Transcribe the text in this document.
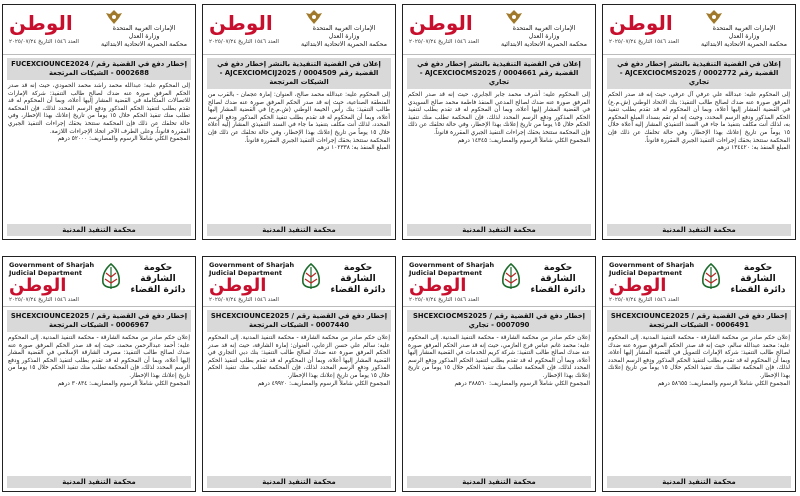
الإمارات العربية المتحدة
وزارة العدل
محكمة الحمرية الاتحادية الابتدائية
الوطن
العدد ١٥٤٦ التاريخ ٢٠٢٥/٠٧/٢٤
إعلان في القضية التنفيذية بالنشر إخطار دفع في القضية رقم AJCEXCIOCMS2025 / 0002772 - تجاري
إلى المحكوم عليه: عبدالله علي عرفي آل عرفي، حيث إنه قد صدر الحكم المرفق صورة عنه ضدك لصالح طالب التنفيذ: بنك الاتحاد الوطني (ش.م.ع) في القضية المشار إليها أعلاه، وبما أن المحكوم له قد تقدم بطلب تنفيذ الحكم المذكور ودفع الرسم المحدد، وحيث إنه لم تقم بسداد المبلغ المحكوم به، لذلك أنت مكلف بتنفيذ ما جاء في السند التنفيذي المشار إليه أعلاه خلال ١٥ يوماً من تاريخ إعلانك بهذا الإخطار، وفي حالة تخلفك عن ذلك فإن المحكمة ستتخذ بحقك إجراءات التنفيذ الجبري المقررة قانوناً.
المبلغ المنفذ به: ١٣٤٤٢٠ درهم
محكمة التنفيذ المدنية
الإمارات العربية المتحدة
وزارة العدل
محكمة الحمرية الاتحادية الابتدائية
الوطن
العدد ١٥٤٦ التاريخ ٢٠٢٥/٠٧/٢٤
إعلان في القضية التنفيذية بالنشر إخطار دفع في القضية رقم AJCEXCIOCMS2025 / 0004661 - تجاري
إلى المحكوم عليه: أشرف محمد جابر الجابري، حيث إنه قد صدر الحكم المرفق صورة عنه ضدك لصالح المدعي المنفذ فاطمة محمد صالح السويدي في القضية المشار إليها أعلاه، وبما أن المحكوم له قد تقدم بطلب لتنفيذ الحكم المذكور ودفع الرسم المحدد لذلك، فإن المحكمة تطلب منك تنفيذ الحكم خلال ١٥ يوماً من تاريخ إعلانك بهذا الإخطار، وفي حالة تخلفك عن ذلك فإن المحكمة ستتخذ بحقك إجراءات التنفيذ الجبري المقررة قانوناً.
المجموع الكلي شاملاً الرسوم والمصاريف: ١٤٣٤٥ درهم
محكمة التنفيذ المدنية
الإمارات العربية المتحدة
وزارة العدل
محكمة الحمرية الاتحادية الابتدائية
الوطن
العدد ١٥٤٦ التاريخ ٢٠٢٥/٠٧/٢٤
إعلان في القضية التنفيذية بالنشر إخطار دفع في القضية رقم AJCEXCIOMCIJ2025 / 0004509 - الشيكات المرتجعة
إلى المحكوم عليه: عبدالله محمد صالح، العنوان: إمارة عجمان - بالقرب من المنطقة الصناعية، حيث إنه قد صدر الحكم المرفق صورة عنه ضدك لصالح طالب التنفيذ: بنك رأس الخيمة الوطني (ش.م.ع) في القضية المشار إليها أعلاه، وبما أن المحكوم له قد تقدم بطلب تنفيذ الحكم المذكور ودفع الرسم المحدد، لذلك أنت مكلف بتنفيذ ما جاء في السند التنفيذي المشار إليه أعلاه خلال ١٥ يوماً من تاريخ إعلانك بهذا الإخطار، وفي حالة تخلفك عن ذلك فإن المحكمة ستتخذ بحقك إجراءات التنفيذ الجبري المقررة قانوناً.
المبلغ المنفذ به: ١٠٢٣٣٨ درهم
محكمة التنفيذ المدنية
الإمارات العربية المتحدة
وزارة العدل
محكمة الحمرية الاتحادية الابتدائية
الوطن
العدد ١٥٤٦ التاريخ ٢٠٢٥/٠٧/٢٤
إخطار دفع في القضية رقم FUCEXCIOUNCE2024 / 0002688 - الشيكات المرتجعة
إلى المحكوم عليه: عبدالله محمد راشد محمد الحمودي، حيث إنه قد صدر الحكم المرفق صورة عنه ضدك لصالح طالب التنفيذ: شركة الإمارات للاتصالات المتكاملة في القضية المشار إليها أعلاه، وبما أن المحكوم له قد تقدم بطلب لتنفيذ الحكم المذكور ودفع الرسم المحدد لذلك، فإن المحكمة تطلب منك تنفيذ الحكم خلال ١٥ يوماً من تاريخ إعلانك بهذا الإخطار، وفي حالة تخلفك عن ذلك فإن المحكمة ستتخذ بحقك إجراءات التنفيذ الجبري المقررة قانوناً، وعلى الطرف الآخر اتخاذ الإجراءات اللازمة.
المجموع الكلي شاملاً الرسوم والمصاريف: ٥٢٠٠٠ درهم
محكمة التنفيذ المدنية
حكومة الشارقة
دائرة القضاء
Government of Sharjah
Judicial Department
الوطن
العدد ١٥٤٦ التاريخ ٢٠٢٥/٠٧/٢٤
إخطار دفع في القضية رقم SHCEXCIOUNCE2025 / 0006491 - الشيكات المرتجعة
إعلان حكم صادر من محكمة الشارقة - محكمة التنفيذ المدنية. إلى المحكوم عليه: محمد عبدالله سالم، حيث إنه قد صدر الحكم المرفق صورة عنه ضدك لصالح طالب التنفيذ: شركة الإمارات للتمويل في القضية المشار إليها أعلاه، وبما أن المحكوم له قد تقدم بطلب لتنفيذ الحكم المذكور ودفع الرسم المحدد لذلك، فإن المحكمة تطلب منك تنفيذ الحكم خلال ١٥ يوماً من تاريخ إعلانك بهذا الإخطار.
المجموع الكلي شاملاً الرسوم والمصاريف: ٥٨٦٥٥ درهم
محكمة التنفيذ المدنية
حكومة الشارقة
دائرة القضاء
Government of Sharjah
Judicial Department
الوطن
العدد ١٥٤٦ التاريخ ٢٠٢٥/٠٧/٢٤
إخطار دفع في القضية رقم SHCEXCIOCMS2025 / 0007090 - تجاري
إعلان حكم صادر من محكمة الشارقة - محكمة التنفيذ المدنية. إلى المحكوم عليه: محمد غانم عباس فرج العازمي، حيث إنه قد صدر الحكم المرفق صورة عنه ضدك لصالح طالب التنفيذ: شركة كريم للخدمات في القضية المشار إليها أعلاه، وبما أن المحكوم له قد تقدم بطلب لتنفيذ الحكم المذكور ودفع الرسم المحدد لذلك، فإن المحكمة تطلب منك تنفيذ الحكم خلال ١٥ يوماً من تاريخ إعلانك بهذا الإخطار.
المجموع الكلي شاملاً الرسوم والمصاريف: ٣٨٨٥٦٠ درهم
محكمة التنفيذ المدنية
حكومة الشارقة
دائرة القضاء
Government of Sharjah
Judicial Department
الوطن
العدد ١٥٤٦ التاريخ ٢٠٢٥/٠٧/٢٤
إخطار دفع في القضية رقم SHCEXCIOUNCE2025 / 0007440 - الشيكات المرتجعة
إعلان حكم صادر من محكمة الشارقة - محكمة التنفيذ المدنية. إلى المحكوم عليه: سالم علي حسن الزعابي، العنوان: إمارة الشارقة، حيث إنه قد صدر الحكم المرفق صورة عنه ضدك لصالح طالب التنفيذ: بنك دبي التجاري في القضية المشار إليها أعلاه، وبما أن المحكوم له قد تقدم بطلب لتنفيذ الحكم المذكور ودفع الرسم المحدد لذلك، فإن المحكمة تطلب منك تنفيذ الحكم خلال ١٥ يوماً من تاريخ إعلانك بهذا الإخطار.
المجموع الكلي شاملاً الرسوم والمصاريف: ٤٩٩٢٠ درهم
محكمة التنفيذ المدنية
حكومة الشارقة
دائرة القضاء
Government of Sharjah
Judicial Department
الوطن
العدد ١٥٤٦ التاريخ ٢٠٢٥/٠٧/٢٤
إخطار دفع في القضية رقم SHCEXCIOUNCE2025 / 0006967 - الشيكات المرتجعة
إعلان حكم صادر من محكمة الشارقة - محكمة التنفيذ المدنية. إلى المحكوم عليه: أحمد عبدالرحمن محمد، حيث إنه قد صدر الحكم المرفق صورة عنه ضدك لصالح طالب التنفيذ: مصرف الشارقة الإسلامي في القضية المشار إليها أعلاه، وبما أن المحكوم له قد تقدم بطلب لتنفيذ الحكم المذكور ودفع الرسم المحدد لذلك، فإن المحكمة تطلب منك تنفيذ الحكم خلال ١٥ يوماً من تاريخ إعلانك بهذا الإخطار.
المجموع الكلي شاملاً الرسوم والمصاريف: ٣٠٨٣٤ درهم
محكمة التنفيذ المدنية
